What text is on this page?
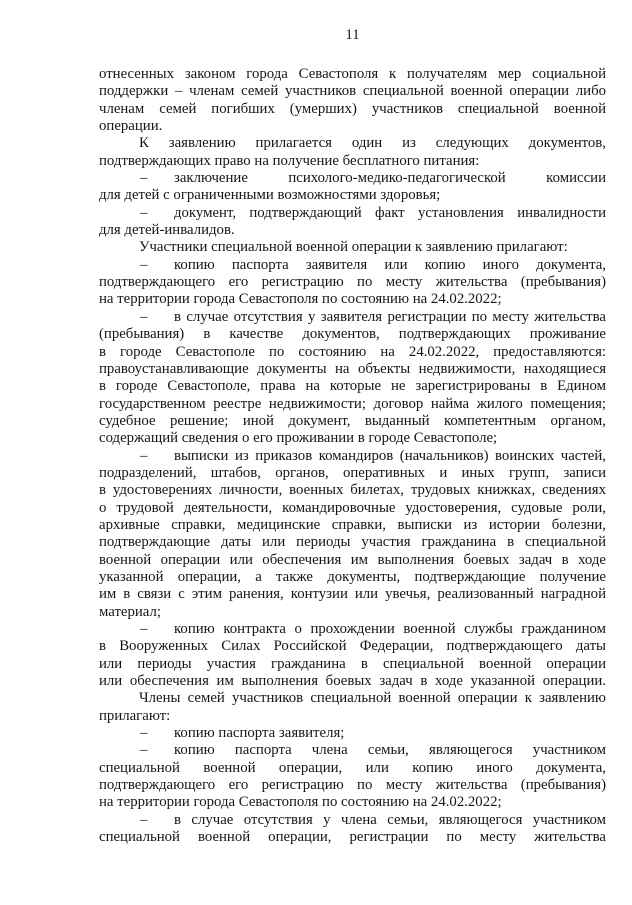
11
отнесенных законом города Севастополя к получателям мер социальной
поддержки – членам семей участников специальной военной операции либо
членам семей погибших (умерших) участников специальной военной
операции.
К заявлению прилагается один из следующих документов,
подтверждающих право на получение бесплатного питания:
–	заключение психолого-медико-педагогической комиссии
для детей с ограниченными возможностями здоровья;
–	документ, подтверждающий факт установления инвалидности
для детей-инвалидов.
Участники специальной военной операции к заявлению прилагают:
–	копию паспорта заявителя или копию иного документа,
подтверждающего его регистрацию по месту жительства (пребывания)
на территории города Севастополя по состоянию на 24.02.2022;
–	в случае отсутствия у заявителя регистрации по месту жительства
(пребывания) в качестве документов, подтверждающих проживание
в городе Севастополе по состоянию на 24.02.2022, предоставляются:
правоустанавливающие документы на объекты недвижимости, находящиеся
в городе Севастополе, права на которые не зарегистрированы в Едином
государственном реестре недвижимости; договор найма жилого помещения;
судебное решение; иной документ, выданный компетентным органом,
содержащий сведения о его проживании в городе Севастополе;
–	выписки из приказов командиров (начальников) воинских частей,
подразделений, штабов, органов, оперативных и иных групп, записи
в удостоверениях личности, военных билетах, трудовых книжках, сведениях
о трудовой деятельности, командировочные удостоверения, судовые роли,
архивные справки, медицинские справки, выписки из истории болезни,
подтверждающие даты или периоды участия гражданина в специальной
военной операции или обеспечения им выполнения боевых задач в ходе
указанной операции, а также документы, подтверждающие получение
им в связи с этим ранения, контузии или увечья, реализованный наградной
материал;
–	копию контракта о прохождении военной службы гражданином
в Вооруженных Силах Российской Федерации, подтверждающего даты
или периоды участия гражданина в специальной военной операции
или обеспечения им выполнения боевых задач в ходе указанной операции.
Члены семей участников специальной военной операции к заявлению
прилагают:
–	копию паспорта заявителя;
–	копию паспорта члена семьи, являющегося участником
специальной военной операции, или копию иного документа,
подтверждающего его регистрацию по месту жительства (пребывания)
на территории города Севастополя по состоянию на 24.02.2022;
–	в случае отсутствия у члена семьи, являющегося участником
специальной военной операции, регистрации по месту жительства
